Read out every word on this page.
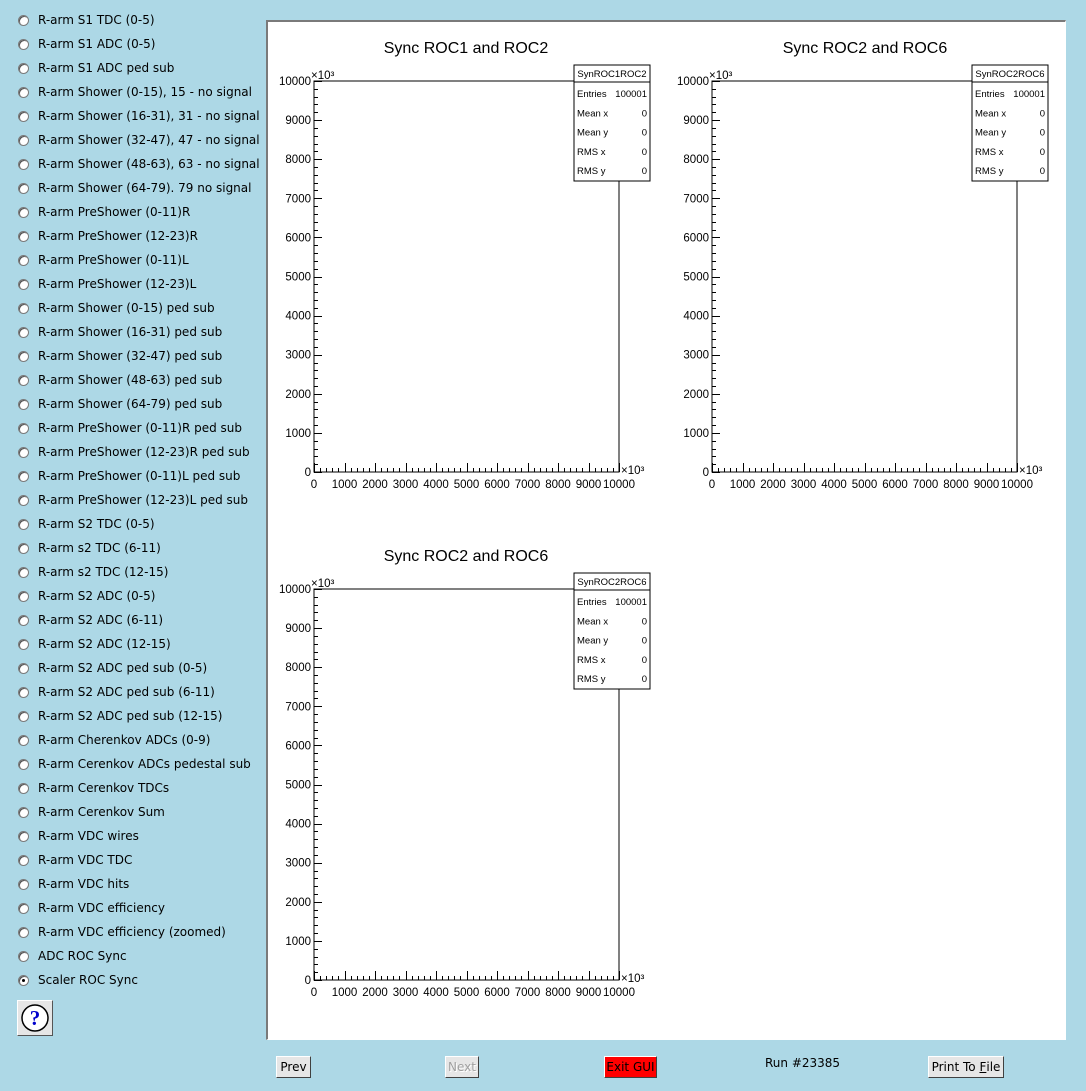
R-arm S1 TDC (0-5)
R-arm S1 ADC (0-5)
R-arm S1 ADC ped sub
R-arm Shower (0-15), 15 - no signal
R-arm Shower (16-31), 31 - no signal
R-arm Shower (32-47), 47 - no signal
R-arm Shower (48-63), 63 - no signal
R-arm Shower (64-79). 79 no signal
R-arm PreShower (0-11)R
R-arm PreShower (12-23)R
R-arm PreShower (0-11)L
R-arm PreShower (12-23)L
R-arm Shower (0-15) ped sub
R-arm Shower (16-31) ped sub
R-arm Shower (32-47) ped sub
R-arm Shower (48-63) ped sub
R-arm Shower (64-79) ped sub
R-arm PreShower (0-11)R ped sub
R-arm PreShower (12-23)R ped sub
R-arm PreShower (0-11)L ped sub
R-arm PreShower (12-23)L ped sub
R-arm S2 TDC (0-5)
R-arm s2 TDC (6-11)
R-arm s2 TDC (12-15)
R-arm S2 ADC (0-5)
R-arm S2 ADC (6-11)
R-arm S2 ADC (12-15)
R-arm S2 ADC ped sub (0-5)
R-arm S2 ADC ped sub (6-11)
R-arm S2 ADC ped sub (12-15)
R-arm Cherenkov ADCs (0-9)
R-arm Cerenkov ADCs pedestal sub
R-arm Cerenkov TDCs
R-arm Cerenkov Sum
R-arm VDC wires
R-arm VDC TDC
R-arm VDC hits
R-arm VDC efficiency
R-arm VDC efficiency (zoomed)
ADC ROC Sync
Scaler ROC Sync
?
Sync ROC1 and ROC2
0
1000
2000
3000
4000
5000
6000
7000
8000
9000
10000
0 1000 2000 3000 4000 5000 6000 7000 8000 9000 10000
×10³
×10³
SynROC1ROC2
Entries 100001
Mean x	0
Mean y	0
RMS x	0
RMS y	0
Sync ROC2 and ROC6
0
1000
2000
3000
4000
5000
6000
7000
8000
9000
10000
0 1000 2000 3000 4000 5000 6000 7000 8000 9000 10000
×10³
×10³
SynROC2ROC6
Entries 100001
Mean x	0
Mean y	0
RMS x	0
RMS y	0
Sync ROC2 and ROC6
0
1000
2000
3000
4000
5000
6000
7000
8000
9000
10000
0 1000 2000 3000 4000 5000 6000 7000 8000 9000 10000
×10³
×10³
SynROC2ROC6
Entries 100001
Mean x	0
Mean y	0
RMS x	0
RMS y	0
Prev	Next	Exit GUI	Run #23385	Print To F ile
